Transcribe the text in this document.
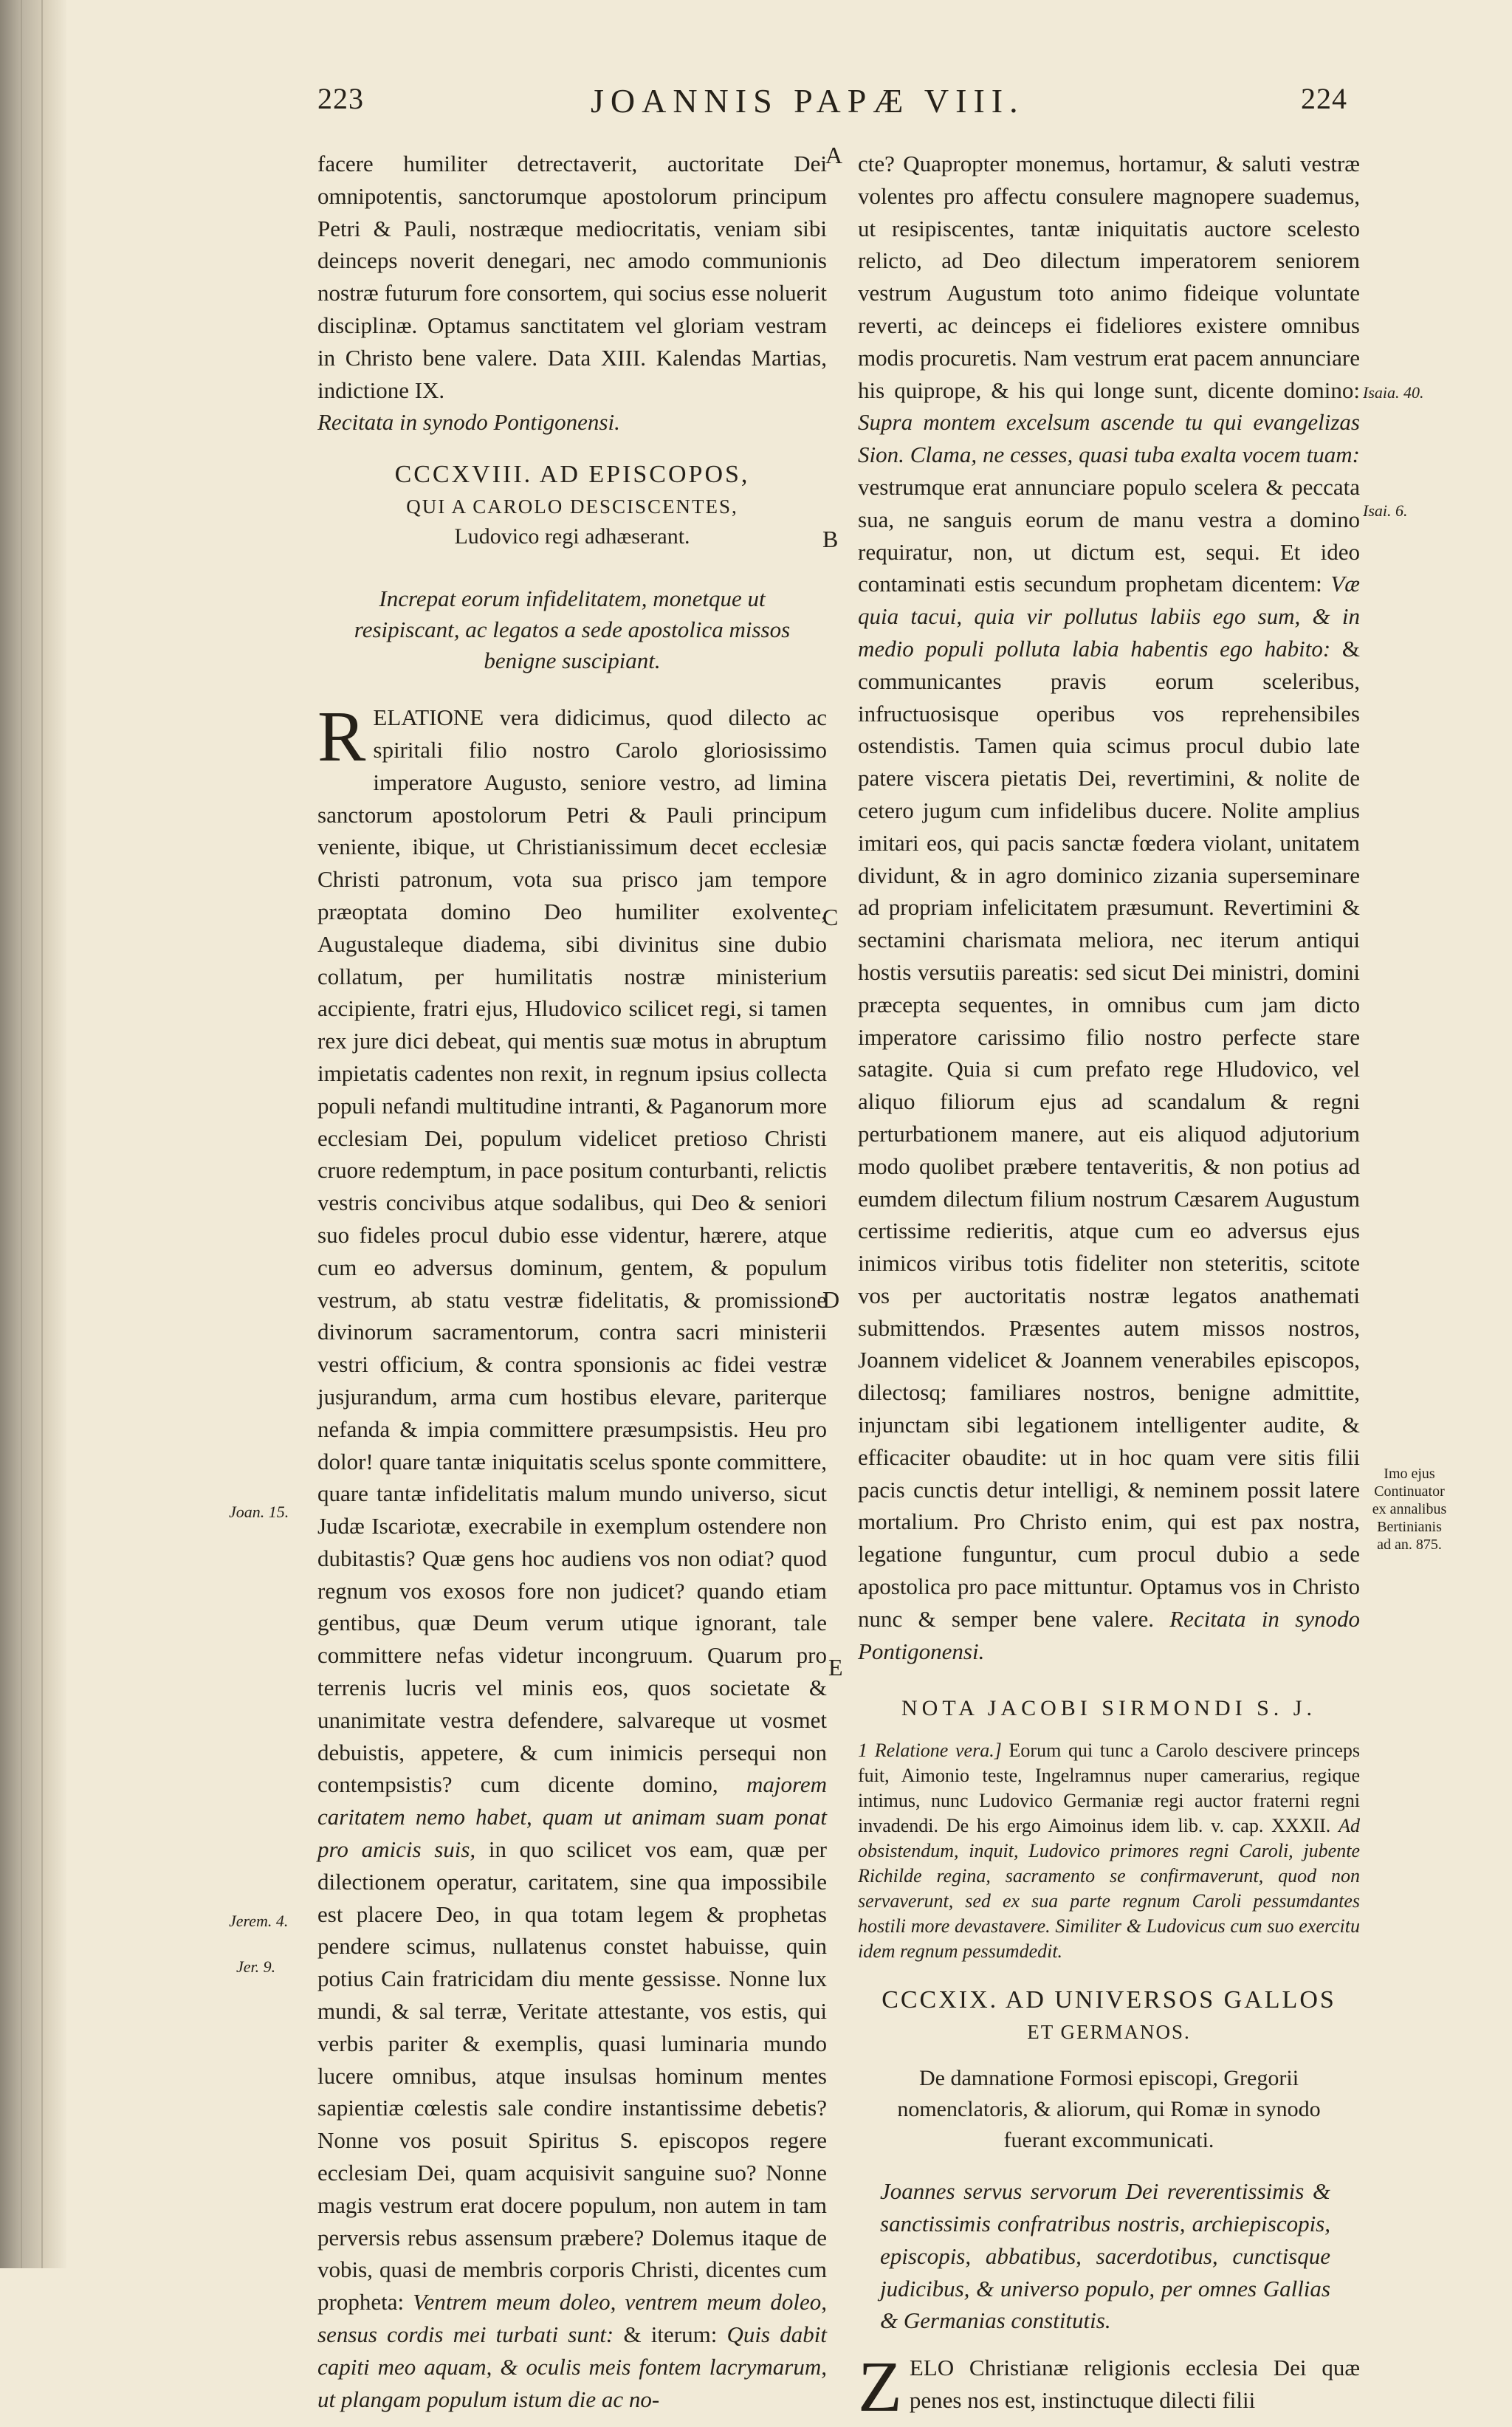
223	JOANNIS PAPÆ VIII.	224
A
B
C
D
E
Joan. 15.
Jerem. 4.
Jer. 9.
Isaia. 40.
Isai. 6.
Imo ejus Continuator ex annalibus Bertinianis ad an. 875.

facere humiliter detrectaverit, auctoritate Dei omnipotentis, sanctorumque apostolorum principum Petri & Pauli, nostræque mediocritatis, veniam sibi deinceps noverit denegari, nec amodo communionis nostræ futurum fore consortem, qui socius esse noluerit disciplinæ. Optamus sanctitatem vel gloriam vestram in Christo bene valere. Data XIII. Kalendas Martias, indictione IX.

Recitata in synodo Pontigonensi.

CCCXVIII. AD EPISCOPOS,
QUI A CAROLO DESCISCENTES,
Ludovico regi adhæserant.
Increpat eorum infidelitatem, monetque ut resipiscant, ac legatos a sede apostolica missos benigne suscipiant.

RELATIONE vera didicimus, quod dilecto ac spiritali filio nostro Carolo gloriosissimo imperatore Augusto, seniore vestro, ad limina sanctorum apostolorum Petri & Pauli principum veniente, ibique, ut Christianissimum decet ecclesiæ Christi patronum, vota sua prisco jam tempore præoptata domino Deo humiliter exolvente, Augustaleque diadema, sibi divinitus sine dubio collatum, per humilitatis nostræ ministerium accipiente, fratri ejus, Hludovico scilicet regi, si tamen rex jure dici debeat, qui mentis suæ motus in abruptum impietatis cadentes non rexit, in regnum ipsius collecta populi nefandi multitudine intranti, & Paganorum more ecclesiam Dei, populum videlicet pretioso Christi cruore redemptum, in pace positum conturbanti, relictis vestris concivibus atque sodalibus, qui Deo & seniori suo fideles procul dubio esse videntur, hærere, atque cum eo adversus dominum, gentem, & populum vestrum, ab statu vestræ fidelitatis, & promissione divinorum sacramentorum, contra sacri ministerii vestri officium, & contra sponsionis ac fidei vestræ jusjurandum, arma cum hostibus elevare, pariterque nefanda & impia committere præsumpsistis. Heu pro dolor! quare tantæ iniquitatis scelus sponte committere, quare tantæ infidelitatis malum mundo universo, sicut Judæ Iscariotæ, execrabile in exemplum ostendere non dubitastis? Quæ gens hoc audiens vos non odiat? quod regnum vos exosos fore non judicet? quando etiam gentibus, quæ Deum verum utique ignorant, tale committere nefas videtur incongruum. Quarum pro terrenis lucris vel minis eos, quos societate & unanimitate vestra defendere, salvareque ut vosmet debuistis, appetere, & cum inimicis persequi non contempsistis? cum dicente domino, majorem caritatem nemo habet, quam ut animam suam ponat pro amicis suis, in quo scilicet vos eam, quæ per dilectionem operatur, caritatem, sine qua impossibile est placere Deo, in qua totam legem & prophetas pendere scimus, nullatenus constet habuisse, quin potius Cain fratricidam diu mente gessisse. Nonne lux mundi, & sal terræ, Veritate attestante, vos estis, qui verbis pariter & exemplis, quasi luminaria mundo lucere omnibus, atque insulsas hominum mentes sapientiæ cœlestis sale condire instantissime debetis? Nonne vos posuit Spiritus S. episcopos regere ecclesiam Dei, quam acquisivit sanguine suo? Nonne magis vestrum erat docere populum, non autem in tam perversis rebus assensum præbere? Dolemus itaque de vobis, quasi de membris corporis Christi, dicentes cum propheta: Ventrem meum doleo, ventrem meum doleo, sensus cordis mei turbati sunt: & iterum: Quis dabit capiti meo aquam, & oculis meis fontem lacrymarum, ut plangam populum istum die ac no-

cte? Quapropter monemus, hortamur, & saluti vestræ volentes pro affectu consulere magnopere suademus, ut resipiscentes, tantæ iniquitatis auctore scelesto relicto, ad Deo dilectum imperatorem seniorem vestrum Augustum toto animo fideique voluntate reverti, ac deinceps ei fideliores existere omnibus modis procuretis. Nam vestrum erat pacem annunciare his quiprope, & his qui longe sunt, dicente domino: Supra montem excelsum ascende tu qui evangelizas Sion. Clama, ne cesses, quasi tuba exalta vocem tuam: vestrumque erat annunciare populo scelera & peccata sua, ne sanguis eorum de manu vestra a domino requiratur, non, ut dictum est, sequi. Et ideo contaminati estis secundum prophetam dicentem: Væ quia tacui, quia vir pollutus labiis ego sum, & in medio populi polluta labia habentis ego habito: & communicantes pravis eorum sceleribus, infructuosisque operibus vos reprehensibiles ostendistis. Tamen quia scimus procul dubio late patere viscera pietatis Dei, revertimini, & nolite de cetero jugum cum infidelibus ducere. Nolite amplius imitari eos, qui pacis sanctæ fœdera violant, unitatem dividunt, & in agro dominico zizania superseminare ad propriam infelicitatem præsumunt. Revertimini & sectamini charismata meliora, nec iterum antiqui hostis versutiis pareatis: sed sicut Dei ministri, domini præcepta sequentes, in omnibus cum jam dicto imperatore carissimo filio nostro perfecte stare satagite. Quia si cum prefato rege Hludovico, vel aliquo filiorum ejus ad scandalum & regni perturbationem manere, aut eis aliquod adjutorium modo quolibet præbere tentaveritis, & non potius ad eumdem dilectum filium nostrum Cæsarem Augustum certissime redieritis, atque cum eo adversus ejus inimicos viribus totis fideliter non steteritis, scitote vos per auctoritatis nostræ legatos anathemati submittendos. Præsentes autem missos nostros, Joannem videlicet & Joannem venerabiles episcopos, dilectosq; familiares nostros, benigne admittite, injunctam sibi legationem intelligenter audite, & efficaciter obaudite: ut in hoc quam vere sitis filii pacis cunctis detur intelligi, & neminem possit latere mortalium. Pro Christo enim, qui est pax nostra, legatione funguntur, cum procul dubio a sede apostolica pro pace mittuntur. Optamus vos in Christo nunc & semper bene valere. Recitata in synodo Pontigonensi.

NOTA JACOBI SIRMONDI S. J.

1 Relatione vera.] Eorum qui tunc a Carolo descivere princeps fuit, Aimonio teste, Ingelramnus nuper camerarius, regique intimus, nunc Ludovico Germaniæ regi auctor fraterni regni invadendi. De his ergo Aimoinus idem lib. v. cap. XXXII. Ad obsistendum, inquit, Ludovico primores regni Caroli, jubente Richilde regina, sacramento se confirmaverunt, quod non servaverunt, sed ex sua parte regnum Caroli pessumdantes hostili more devastavere. Similiter & Ludovicus cum suo exercitu idem regnum pessumdedit.

CCCXIX. AD UNIVERSOS GALLOS
ET GERMANOS.
De damnatione Formosi episcopi, Gregorii nomenclatoris, & aliorum, qui Romæ in synodo fuerant excommunicati.

Joannes servus servorum Dei reverentissimis & sanctissimis confratribus nostris, archiepiscopis, episcopis, abbatibus, sacerdotibus, cunctisque judicibus, & universo populo, per omnes Gallias & Germanias constitutis.

ZELO Christianæ religionis ecclesia Dei quæ penes nos est, instinctuque dilecti filii
